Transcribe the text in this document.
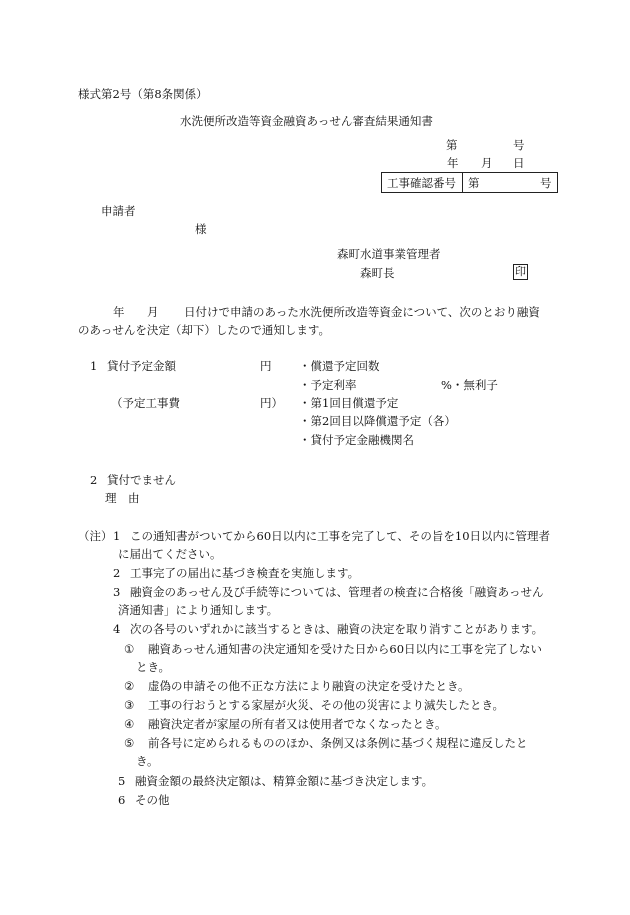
様式第2号（第8条関係）
水洗便所改造等資金融資あっせん審査結果通知書
第	号
年 月 日
工事確認番号 第	号
申請者
様
森町水道事業管理者
森町長	印
年 月 日付けで申請のあった水洗便所改造等資金について、次のとおり融資
のあっせんを決定（却下）したので通知します。
1 貸付予定金額	円 ・償還予定回数
・予定利率	%・無利子
（予定工事費	円） ・第1回目償還予定
・第2回目以降償還予定（各）
・貸付予定金融機関名
2 貸付でません
理　由
（注） 1 この通知書がついてから60日以内に工事を完了して、その旨を10日以内に管理者
に届出てください。
2 工事完了の届出に基づき検査を実施します。
3 融資金のあっせん及び手続等については、管理者の検査に合格後「融資あっせん
済通知書」により通知します。
4 次の各号のいずれかに該当するときは、融資の決定を取り消すことがあります。
① 融資あっせん通知書の決定通知を受けた日から60日以内に工事を完了しない
とき。
② 虚偽の申請その他不正な方法により融資の決定を受けたとき。
③ 工事の行おうとする家屋が火災、その他の災害により滅失したとき。
④ 融資決定者が家屋の所有者又は使用者でなくなったとき。
⑤ 前各号に定められるもののほか、条例又は条例に基づく規程に違反したと
き。
5 融資金額の最終決定額は、精算金額に基づき決定します。
6 その他
